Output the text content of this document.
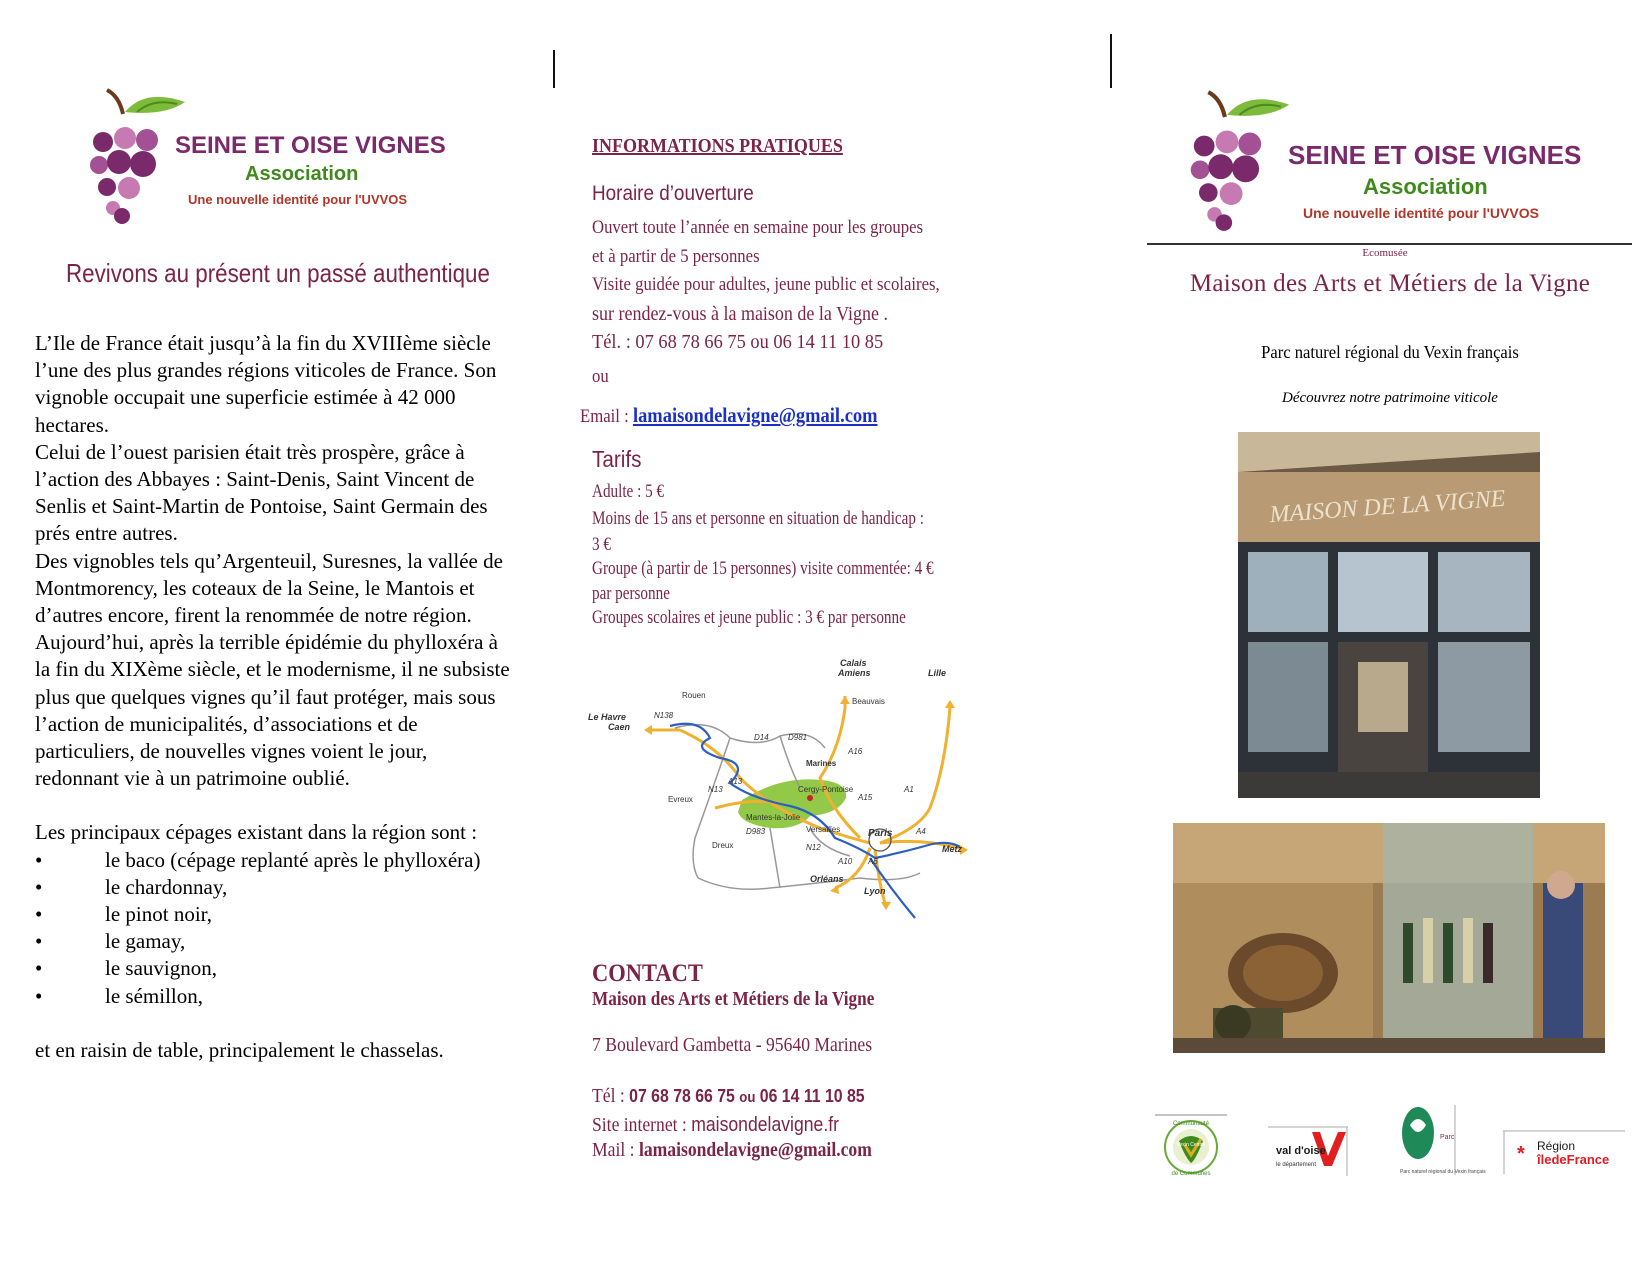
SEINE ET OISE VIGNES
Association
Une nouvelle identité pour l'UVVOS
Revivons au présent un passé authentique

L’Ile de France était jusqu’à la fin du XVIIIème siècle l’une des plus grandes régions viticoles de France. Son vignoble occupait une superficie estimée à 42 000 hectares.

Celui de l’ouest parisien était très prospère, grâce à l’action des Abbayes : Saint-Denis, Saint Vincent de Senlis et Saint-Martin de Pontoise, Saint Germain des prés entre autres.

Des vignobles tels qu’Argenteuil, Suresnes, la vallée de Montmorency, les coteaux de la Seine, le Mantois et d’autres encore, firent la renommée de notre région.

Aujourd’hui, après la terrible épidémie du phylloxéra à la fin du XIXème siècle, et le modernisme, il ne subsiste plus que quelques vignes qu’il faut protéger, mais sous l’action de municipalités, d’associations et de particuliers, de nouvelles vignes voient le jour, redonnant vie à un patrimoine oublié.

Les principaux cépages existant dans la région sont :

•	le baco (cépage replanté après le phylloxéra)
•	le chardonnay,
•	le pinot noir,
•	le gamay,
•	le sauvignon,
•	le sémillon,

et en raisin de table, principalement le chasselas.

INFORMATIONS PRATIQUES
Horaire d’ouverture
Ouvert toute l’année en semaine pour les groupes
et à partir de 5 personnes
Visite guidée pour adultes, jeune public et scolaires,
sur rendez-vous à la maison de la Vigne .
Tél. : 07 68 78 66 75 ou 06 14 11 10 85
ou
Email : lamaisondelavigne@gmail.com
Tarifs
Adulte : 5 €
Moins de 15 ans et personne en situation de handicap :
3 €
Groupe (à partir de 15 personnes) visite commentée: 4 €
par personne
Groupes scolaires et jeune public : 3 € par personne
Calais
Amiens	Lille
Rouen
Beauvais
Le Havre
Caen
N138
D14 D981
A16
Marines
A13
Cergy-Pontoise
A15
A1
Evreux
N13
Mantes-la-Jolie
D983	Versailles	Paris	A4
Metz
Dreux	N12
A10 A6
Orléans
Lyon
CONTACT
Maison des Arts et Métiers de la Vigne
7 Boulevard Gambetta - 95640 Marines
Tél : 07 68 78 66 75 ou 06 14 11 10 85
Site internet : maisondelavigne.fr
Mail : lamaisondelavigne@gmail.com
SEINE ET OISE VIGNES
Association
Une nouvelle identité pour l'UVVOS
Ecomusée
Maison des Arts et Métiers de la Vigne
Parc naturel régional du Vexin français
Découvrez notre patrimoine viticole
MAISON DE LA VIGNE
Communauté
Vexin Centre
de Communes
val d'oise
le département
Parc
Parc naturel régional du Vexin français
* Région
îledeFrance
